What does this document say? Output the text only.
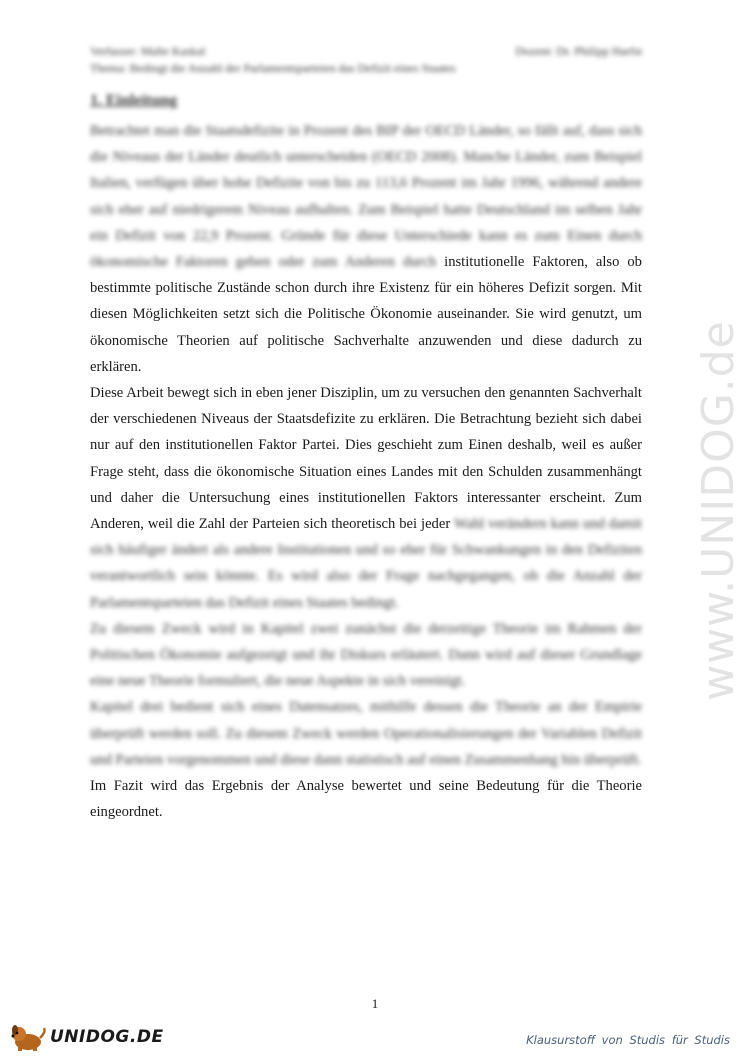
Verfasser: Malte Kaskal	Dozent: Dr. Philipp Harfst
Thema: Bedingt die Anzahl der Parlamentsparteien das Defizit eines Staates
1. Einleitung

Betrachtet man die Staatsdefizite in Prozent des BIP der OECD Länder, so fällt auf, dass sich die Niveaus der Länder deutlich unterscheiden (OECD 2008). Manche Länder, zum Beispiel Italien, verfügen über hohe Defizite von bis zu 113,6 Prozent im Jahr 1996, während andere sich eher auf niedrigerem Niveau aufhalten. Zum Beispiel hatte Deutschland im selben Jahr ein Defizit von 22,9 Prozent. Gründe für diese Unterschiede kann es zum Einen durch ökonomische Faktoren geben oder zum Anderen durch institutionelle Faktoren, also ob bestimmte politische Zustände schon durch ihre Existenz für ein höheres Defizit sorgen. Mit diesen Möglichkeiten setzt sich die Politische Ökonomie auseinander. Sie wird genutzt, um ökonomische Theorien auf politische Sachverhalte anzuwenden und diese dadurch zu erklären.

Diese Arbeit bewegt sich in eben jener Disziplin, um zu versuchen den genannten Sachverhalt der verschiedenen Niveaus der Staatsdefizite zu erklären. Die Betrachtung bezieht sich dabei nur auf den institutionellen Faktor Partei. Dies geschieht zum Einen deshalb, weil es außer Frage steht, dass die ökonomische Situation eines Landes mit den Schulden zusammenhängt und daher die Untersuchung eines institutionellen Faktors interessanter erscheint. Zum Anderen, weil die Zahl der Parteien sich theoretisch bei jeder Wahl verändern kann und damit sich häufiger ändert als andere Institutionen und so eher für Schwankungen in den Defiziten verantwortlich sein könnte. Es wird also der Frage nachgegangen, ob die Anzahl der Parlamentsparteien das Defizit eines Staates bedingt.

Zu diesem Zweck wird in Kapitel zwei zunächst die derzeitige Theorie im Rahmen der Politischen Ökonomie aufgezeigt und ihr Diskurs erläutert. Dann wird auf dieser Grundlage eine neue Theorie formuliert, die neue Aspekte in sich vereinigt.

Kapitel drei bedient sich eines Datensatzes, mithilfe dessen die Theorie an der Empirie überprüft werden soll. Zu diesem Zweck werden Operationalisierungen der Variablen Defizit und Parteien vorgenommen und diese dann statistisch auf einen Zusammenhang hin überprüft.

Im Fazit wird das Ergebnis der Analyse bewertet und seine Bedeutung für die Theorie eingeordnet.

1
www.UNIDOG.de
UNIDOG.DE	Klausurstoff von Studis für Studis
